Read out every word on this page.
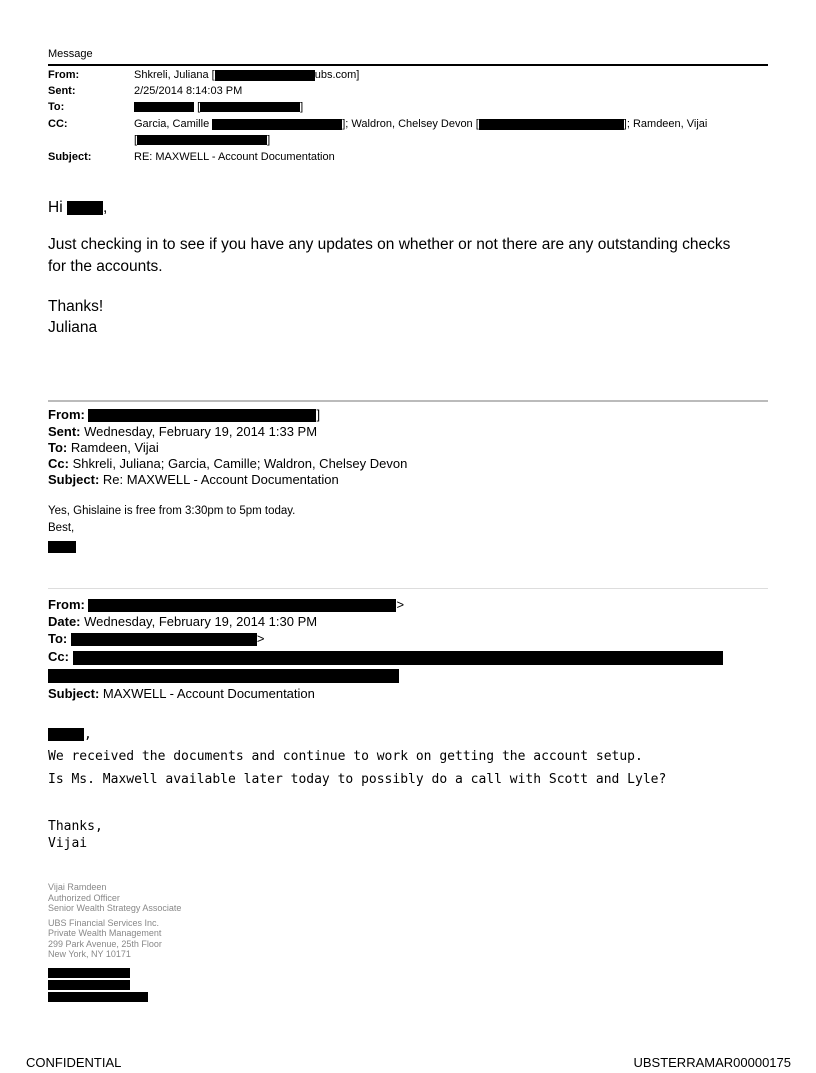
Message
From:	Shkreli, Juliana [	ubs.com]
Sent:	2/25/2014 8:14:03 PM
To:	[	]
CC:	Garcia, Camille	]; Waldron, Chelsey Devon [	]; Ramdeen, Vijai
[	]
Subject:	RE: MAXWELL - Account Documentation
Hi	,
Just checking in to see if you have any updates on whether or not there are any outstanding checks for the accounts.
Thanks!
Juliana
From:	]
Sent: Wednesday, February 19, 2014 1:33 PM
To: Ramdeen, Vijai
Cc: Shkreli, Juliana; Garcia, Camille; Waldron, Chelsey Devon
Subject: Re: MAXWELL - Account Documentation
Yes, Ghislaine is free from 3:30pm to 5pm today.
Best,
From:	>
Date: Wednesday, February 19, 2014 1:30 PM
To:	>
Cc:
Subject: MAXWELL - Account Documentation
,
We received the documents and continue to work on getting the account setup.
Is Ms. Maxwell available later today to possibly do a call with Scott and Lyle?
Thanks,
Vijai
Vijai Ramdeen
Authorized Officer
Senior Wealth Strategy Associate
UBS Financial Services Inc.
Private Wealth Management
299 Park Avenue, 25th Floor
New York, NY 10171
CONFIDENTIAL	UBSTERRAMAR00000175
